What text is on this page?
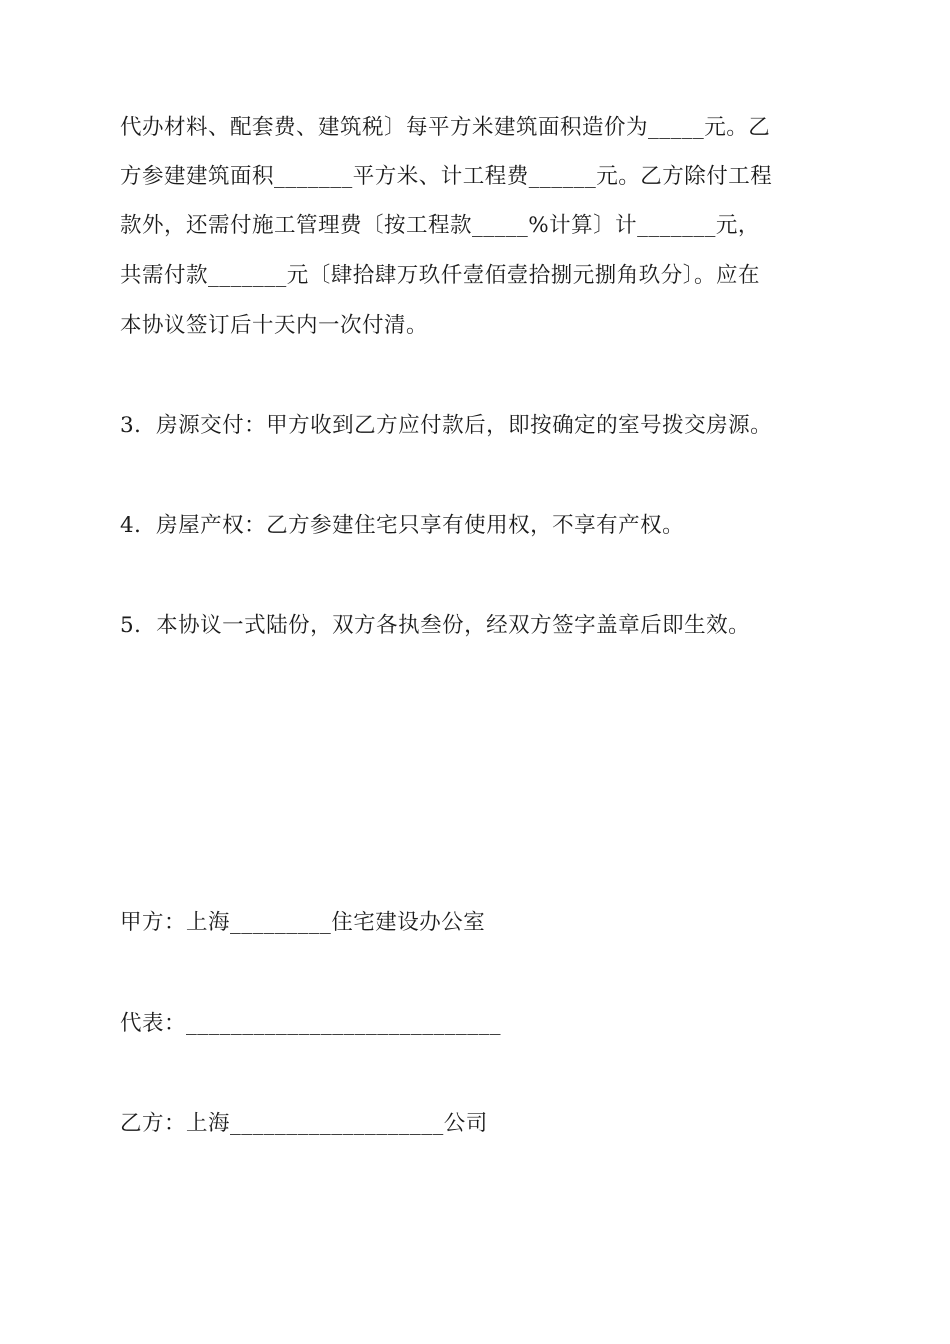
代办材料、配套费、建筑税〕每平方米建筑面积造价为_____元。乙
方参建建筑面积_______平方米、计工程费______元。乙方除付工程
款外，还需付施工管理费〔按工程款_____%计算〕计_______元，
共需付款_______元〔肆拾肆万玖仟壹佰壹拾捌元捌角玖分〕。应在
本协议签订后十天内一次付清。
3．房源交付：甲方收到乙方应付款后，即按确定的室号拨交房源。
4．房屋产权：乙方参建住宅只享有使用权，不享有产权。
5．本协议一式陆份，双方各执叁份，经双方签字盖章后即生效。
甲方：上海_________住宅建设办公室
代表：____________________________
乙方：上海___________________公司
